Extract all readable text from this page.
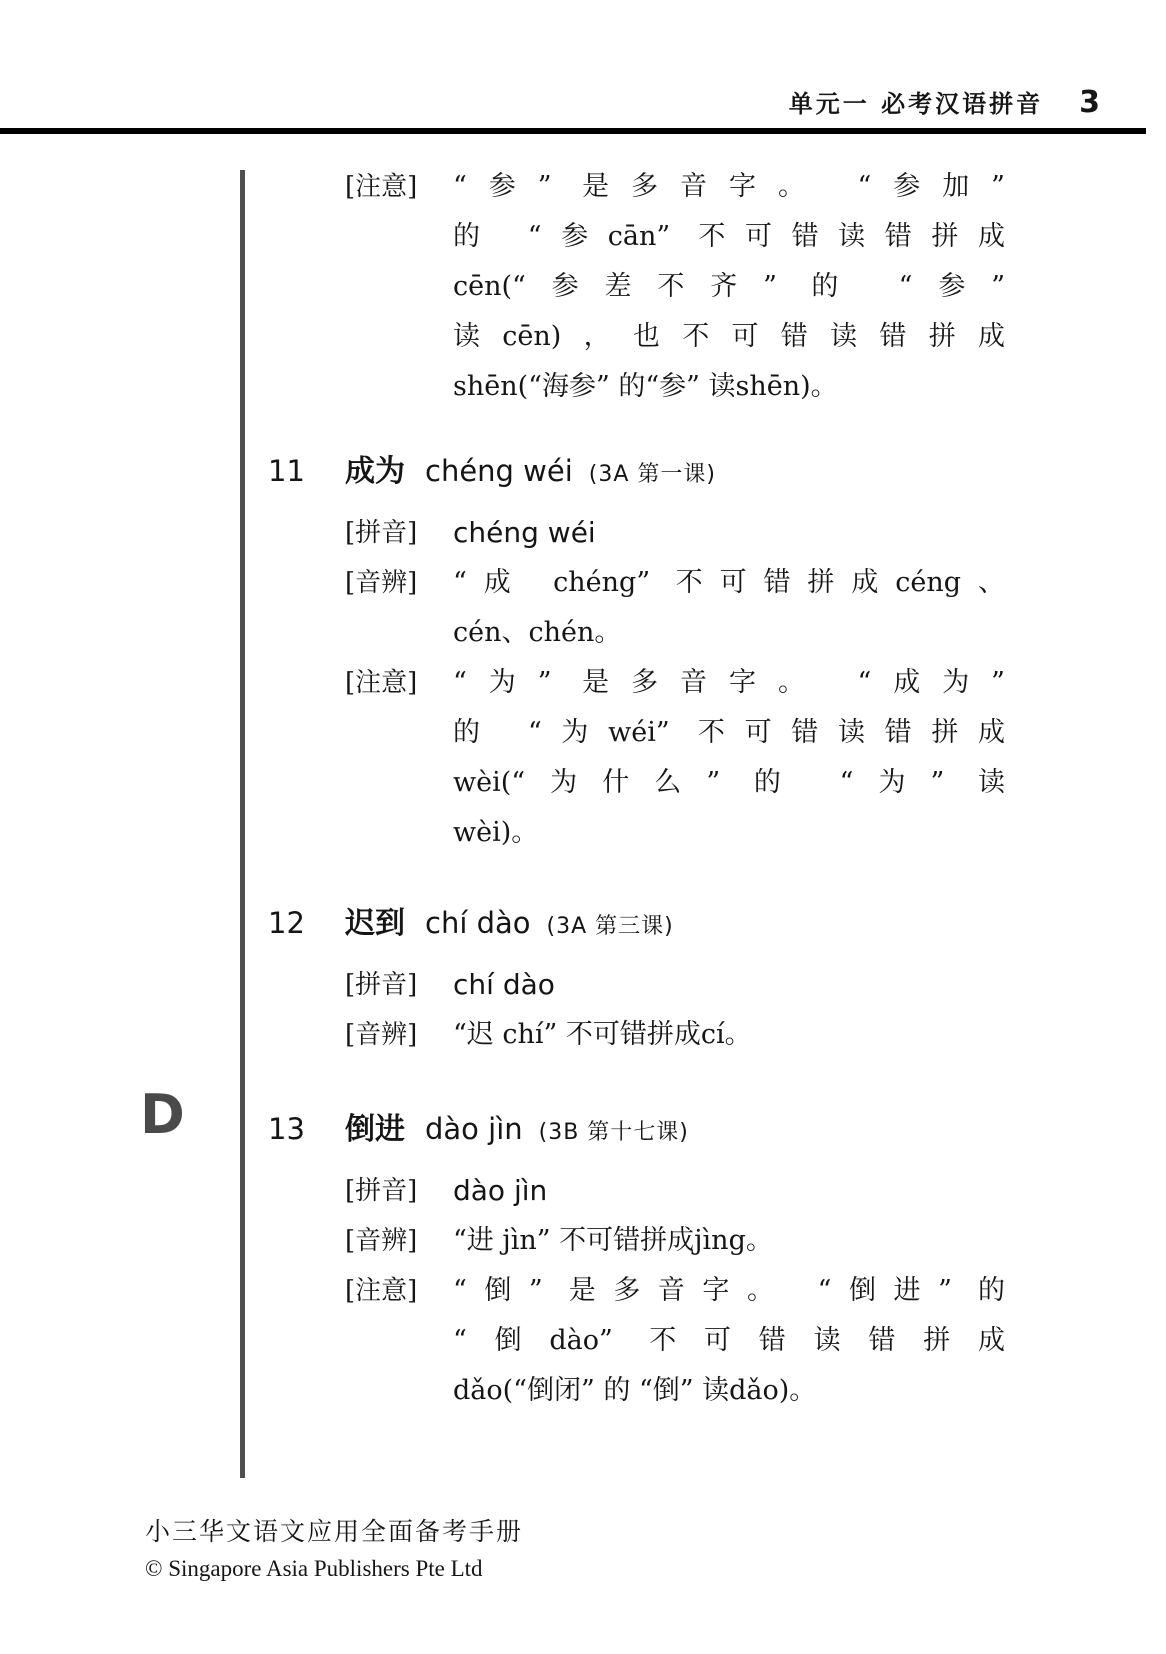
单元一 必考汉语拼音 3
D
[注意]	“参” 是多音字。 “参加”
的 “参cān” 不可错读错拼成
cēn(“参差不齐” 的 “参”
读cēn)，也不可错读错拼成
shēn(“海参” 的“参” 读shēn)。
11	成为 chéng wéi (3A 第一课)
[拼音]	chéng wéi
[音辨]	“成 chéng” 不可错拼成céng、
cén、chén。
[注意]	“为” 是多音字。 “成为”
的 “为wéi” 不可错读错拼成
wèi(“为什么” 的 “为” 读
wèi)。
12	迟到 chí dào (3A 第三课)
[拼音]	chí dào
[音辨]	“迟 chí” 不可错拼成cí。
13	倒进 dào jìn (3B 第十七课)
[拼音]	dào jìn
[音辨]	“进 jìn” 不可错拼成jìng。
[注意]	“倒” 是多音字。 “倒进” 的
“倒dào” 不可错读错拼成
dǎo(“倒闭” 的 “倒” 读dǎo)。
小三华文语文应用全面备考手册
© Singapore Asia Publishers Pte Ltd
